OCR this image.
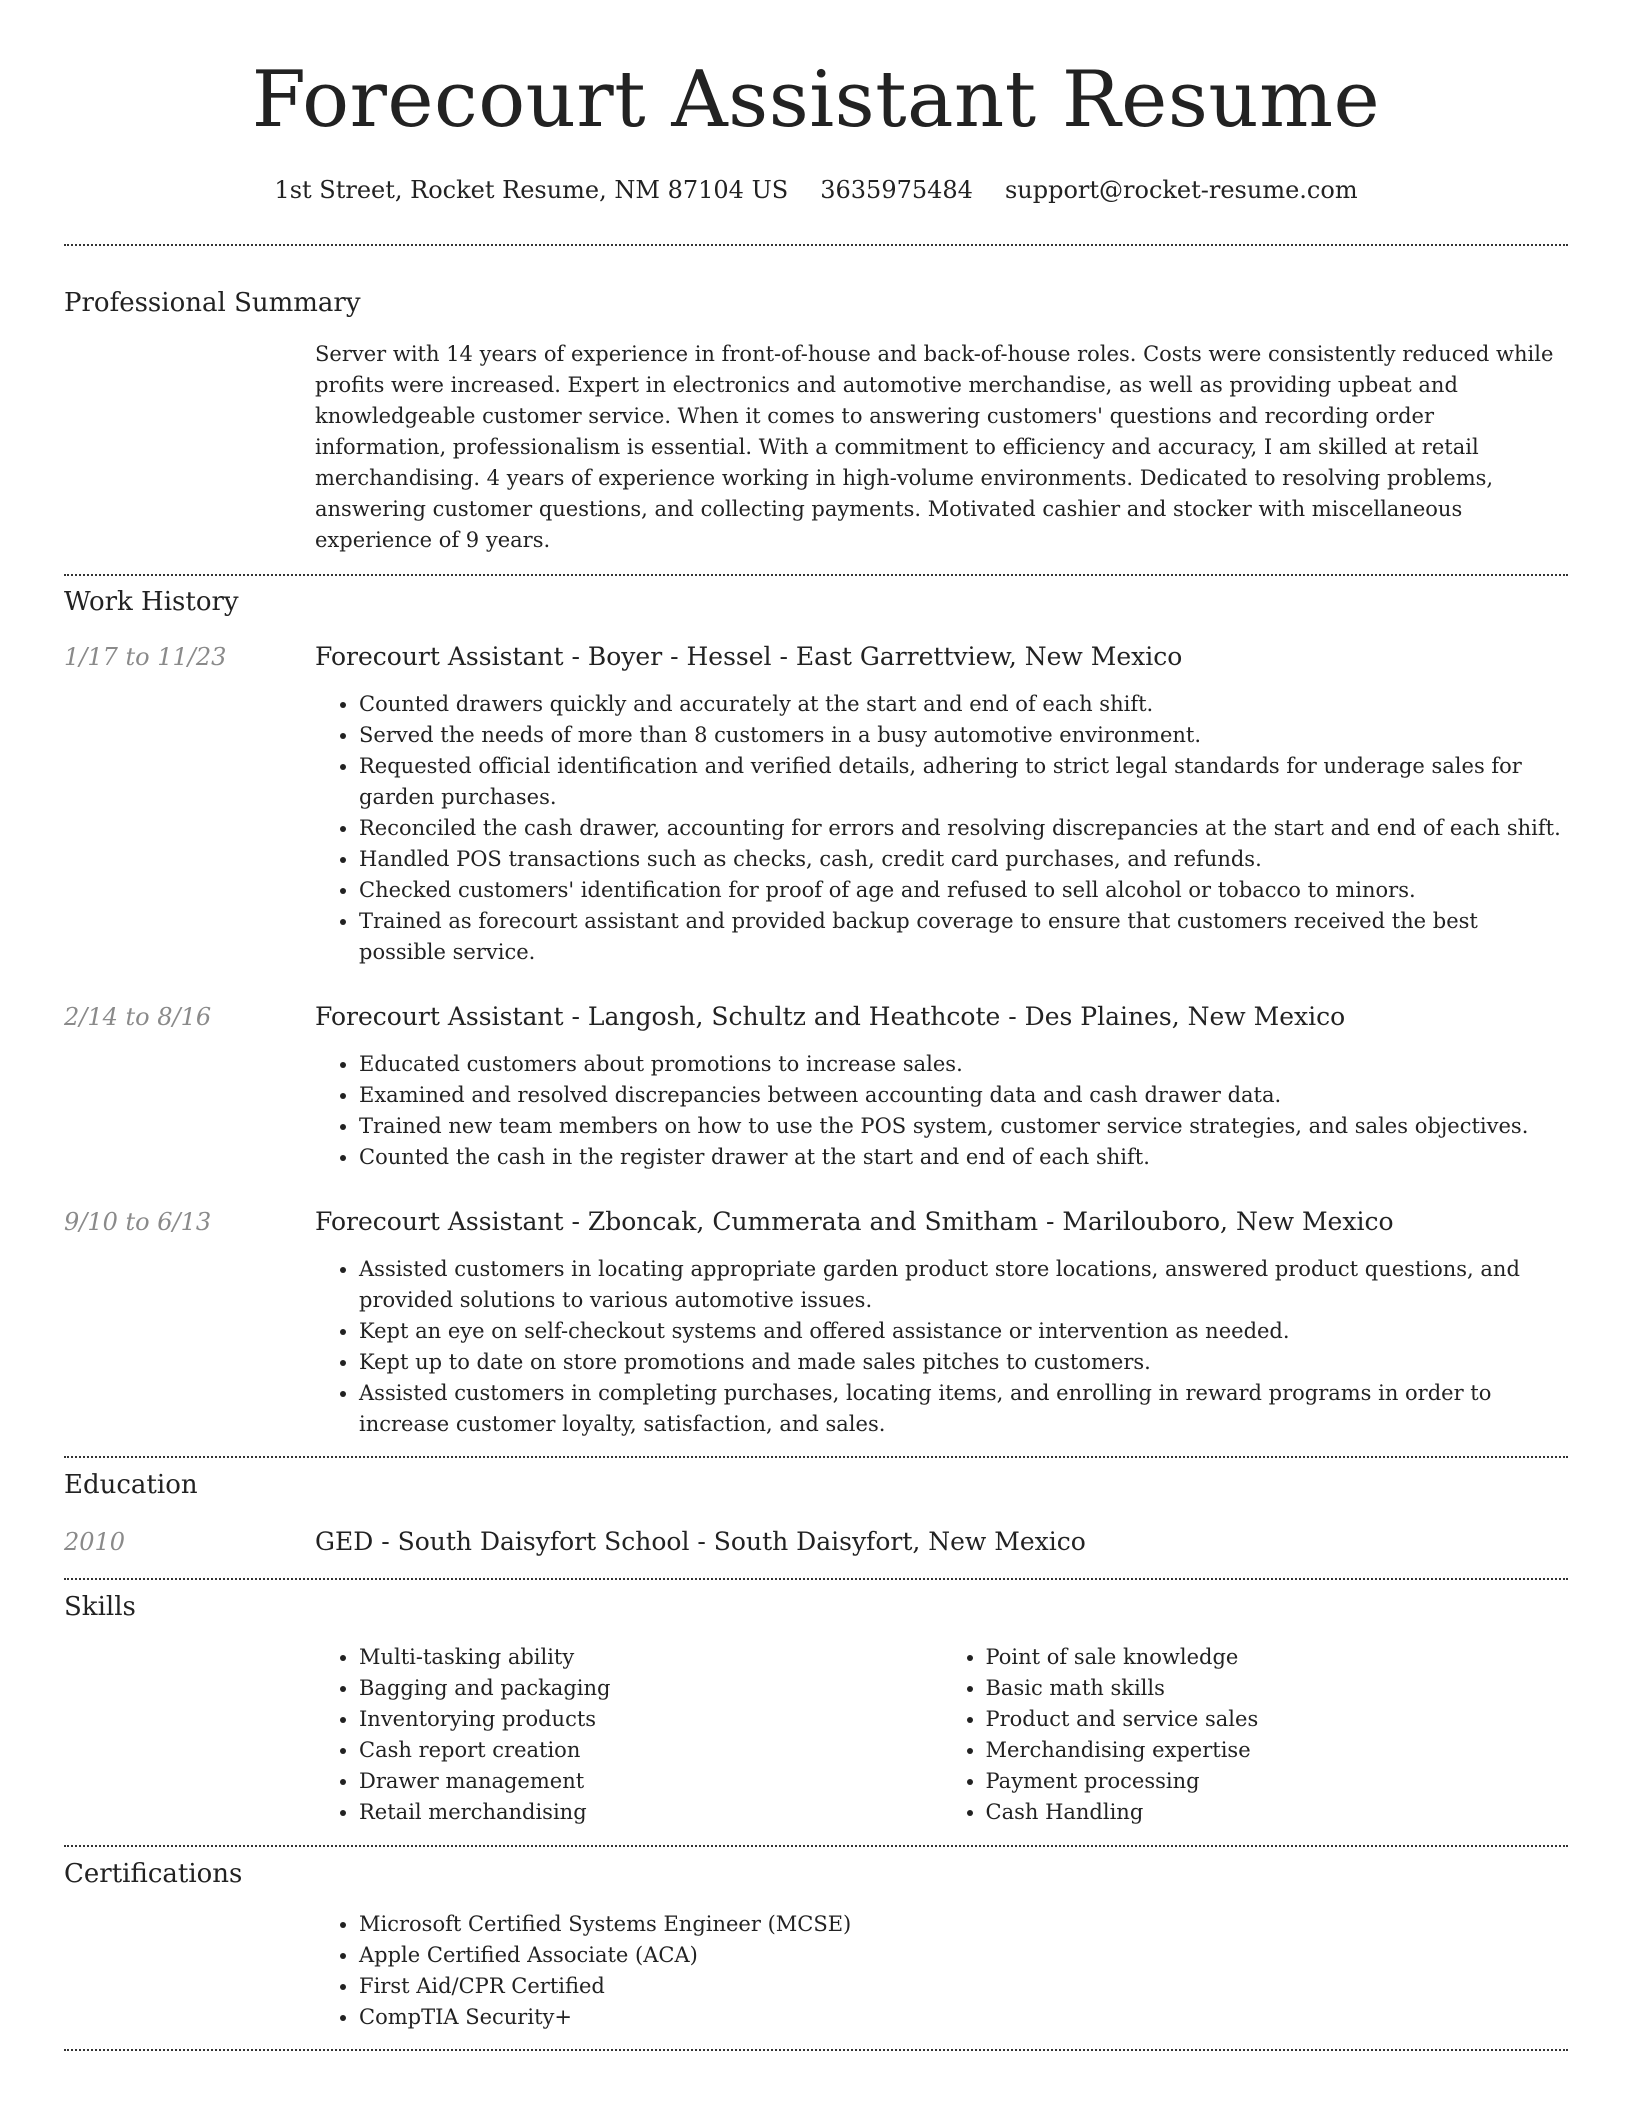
Forecourt Assistant Resume
1st Street, Rocket Resume, NM 87104 US 3635975484 support@rocket-resume.com
Professional Summary
Server with 14 years of experience in front-of-house and back-of-house roles. Costs were consistently reduced while profits were increased. Expert in electronics and automotive merchandise, as well as providing upbeat and knowledgeable customer service. When it comes to answering customers' questions and recording order information, professionalism is essential. With a commitment to efficiency and accuracy, I am skilled at retail merchandising. 4 years of experience working in high-volume environments. Dedicated to resolving problems, answering customer questions, and collecting payments. Motivated cashier and stocker with miscellaneous experience of 9 years.
Work History
1/17 to 11/23	Forecourt Assistant - Boyer - Hessel - East Garrettview, New Mexico
• Counted drawers quickly and accurately at the start and end of each shift.
• Served the needs of more than 8 customers in a busy automotive environment.
• Requested official identification and verified details, adhering to strict legal standards for underage sales for garden purchases.
• Reconciled the cash drawer, accounting for errors and resolving discrepancies at the start and end of each shift.
• Handled POS transactions such as checks, cash, credit card purchases, and refunds.
• Checked customers' identification for proof of age and refused to sell alcohol or tobacco to minors.
• Trained as forecourt assistant and provided backup coverage to ensure that customers received the best possible service.
2/14 to 8/16	Forecourt Assistant - Langosh, Schultz and Heathcote - Des Plaines, New Mexico
• Educated customers about promotions to increase sales.
• Examined and resolved discrepancies between accounting data and cash drawer data.
• Trained new team members on how to use the POS system, customer service strategies, and sales objectives.
• Counted the cash in the register drawer at the start and end of each shift.
9/10 to 6/13	Forecourt Assistant - Zboncak, Cummerata and Smitham - Marilouboro, New Mexico
• Assisted customers in locating appropriate garden product store locations, answered product questions, and provided solutions to various automotive issues.
• Kept an eye on self-checkout systems and offered assistance or intervention as needed.
• Kept up to date on store promotions and made sales pitches to customers.
• Assisted customers in completing purchases, locating items, and enrolling in reward programs in order to increase customer loyalty, satisfaction, and sales.
Education
2010	GED - South Daisyfort School - South Daisyfort, New Mexico
Skills
• Multi-tasking ability
• Bagging and packaging
• Inventorying products
• Cash report creation
• Drawer management
• Retail merchandising
• Point of sale knowledge
• Basic math skills
• Product and service sales
• Merchandising expertise
• Payment processing
• Cash Handling
Certifications
• Microsoft Certified Systems Engineer (MCSE)
• Apple Certified Associate (ACA)
• First Aid/CPR Certified
• CompTIA Security+
